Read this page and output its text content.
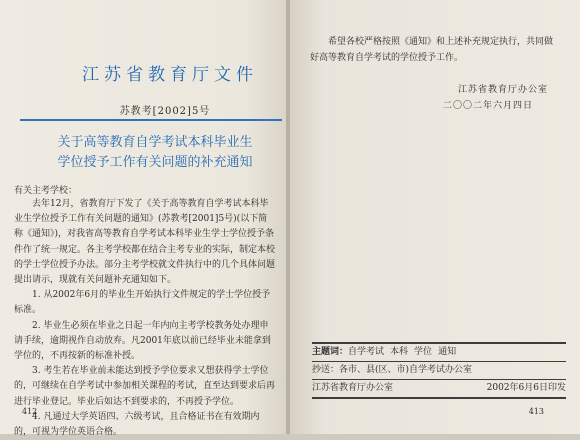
江苏省教育厅文件
苏教考[2002]5号
关于高等教育自学考试本科毕业生
学位授予工作有关问题的补充通知
有关主考学校：

去年12月，省教育厅下发了《关于高等教育自学考试本科毕业生学位授予工作有关问题的通知》(苏教考[2001]5号)(以下简称《通知》)，对我省高等教育自学考试本科毕业生学士学位授予条件作了统一规定。各主考学校都在结合主考专业的实际，制定本校的学士学位授予办法。部分主考学校就文件执行中的几个具体问题提出请示，现就有关问题补充通知如下。

1. 从2002年6月的毕业生开始执行文件规定的学士学位授予标准。

2. 毕业生必须在毕业之日起一年内向主考学校教务处办理申请手续，逾期视作自动放弃。凡2001年底以前已经毕业未能拿到学位的，不再按新的标准补授。

3. 考生若在毕业前未能达到授予学位要求又想获得学士学位的，可继续在自学考试中参加相关课程的考试，直至达到要求后再进行毕业登记。毕业后如达不到要求的，不再授予学位。

4. 凡通过大学英语四、六级考试，且合格证书在有效期内的，可视为学位英语合格。

412

希望各校严格按照《通知》和上述补充规定执行，共同做好高等教育自学考试的学位授予工作。

江苏省教育厅办公室
二〇〇二年六月四日
主题词： 自学考试 本科 学位 通知
抄送：各市、县(区、市)自学考试办公室
江苏省教育厅办公室	2002年6月6日印发
413
